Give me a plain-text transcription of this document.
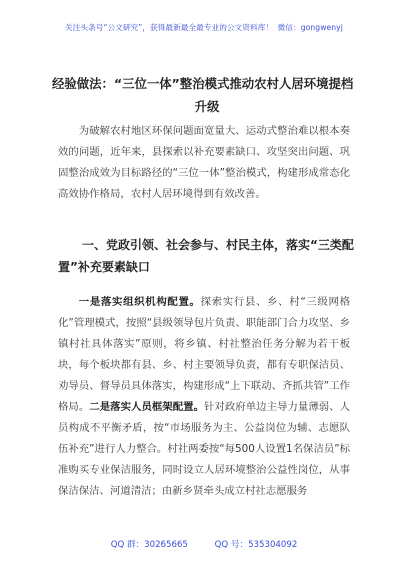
关注头条号“公文研究”，获得最新最全最专业的公文资料库！ 微信：gongwenyj
经验做法：“三位一体”整治模式推动农村人居环境提档
升级
为破解农村地区环保问题面宽量大、运动式整治难以根本奏效的问题，近年来，县探索以补充要素缺口、攻坚突出问题、巩固整治成效为目标路径的“三位一体”整治模式，构建形成常态化高效协作格局，农村人居环境得到有效改善。
一、党政引领、社会参与、村民主体，落实“三类配置”补充要素缺口
一是落实组织机构配置。探索实行县、乡、村“三级网格化”管理模式，按照“县级领导包片负责、职能部门合力攻坚、乡镇村社具体落实”原则，将乡镇、村社整治任务分解为若干板块，每个板块都有县、乡、村主要领导负责，都有专职保洁员、劝导员、督导员具体落实，构建形成“上下联动、齐抓共管”工作格局。二是落实人员框架配置。针对政府单边主导力量薄弱、人员构成不平衡矛盾，按“市场服务为主、公益岗位为辅、志愿队伍补充”进行人力整合。村社两委按“每500人设置1名保洁员”标准购买专业保洁服务，同时设立人居环境整治公益性岗位，从事保洁保洁、河道清洁；由新乡贤牵头成立村社志愿服务
QQ 群：30265665	QQ 号：535304092
